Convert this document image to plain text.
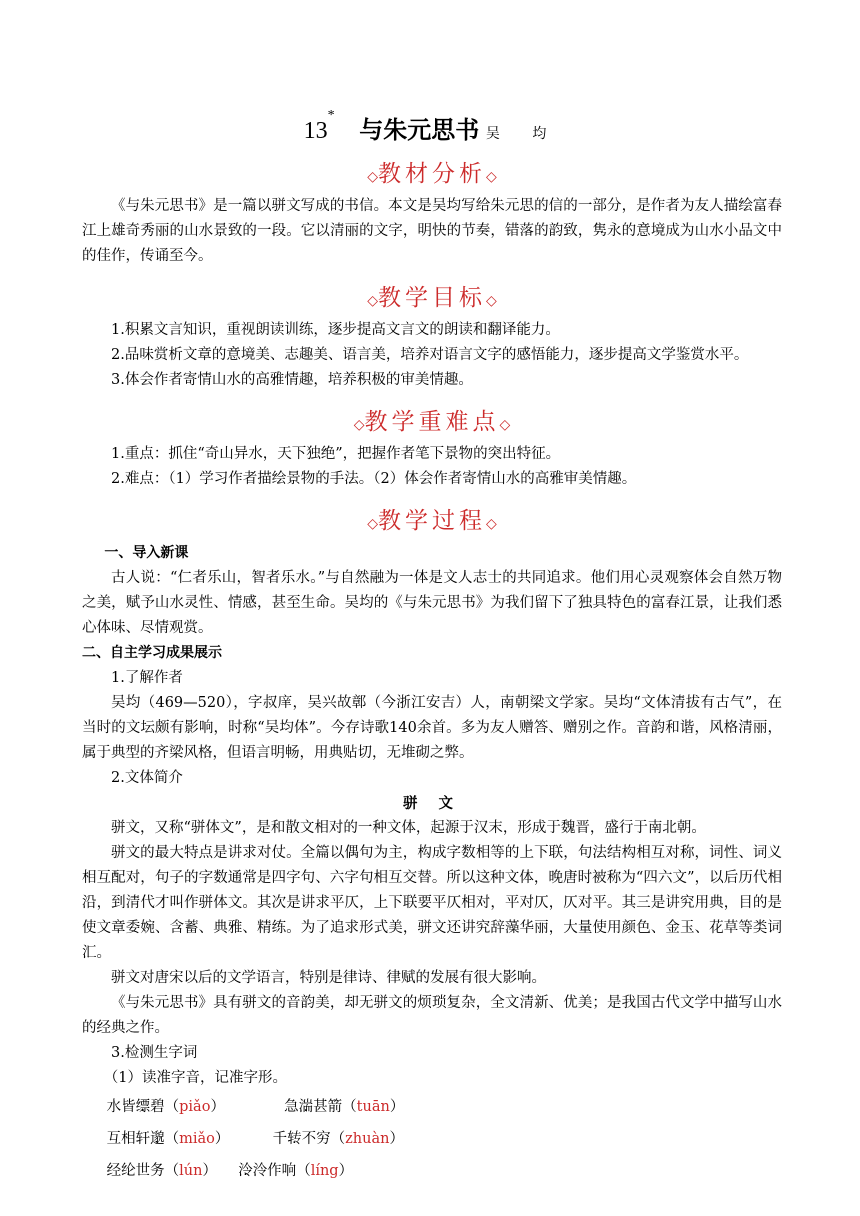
13* 与朱元思书 吴 均
◇教材分析◇

《与朱元思书》是一篇以骈文写成的书信。本文是吴均写给朱元思的信的一部分，是作者为友人描绘富春江上雄奇秀丽的山水景致的一段。它以清丽的文字，明快的节奏，错落的韵致，隽永的意境成为山水小品文中的佳作，传诵至今。

◇教学目标◇

1.积累文言知识，重视朗读训练，逐步提高文言文的朗读和翻译能力。

2.品味赏析文章的意境美、志趣美、语言美，培养对语言文字的感悟能力，逐步提高文学鉴赏水平。

3.体会作者寄情山水的高雅情趣，培养积极的审美情趣。

◇教学重难点◇

1.重点：抓住“奇山异水，天下独绝”，把握作者笔下景物的突出特征。

2.难点：（1）学习作者描绘景物的手法。（2）体会作者寄情山水的高雅审美情趣。

◇教学过程◇

一、导入新课

古人说：“仁者乐山，智者乐水。”与自然融为一体是文人志士的共同追求。他们用心灵观察体会自然万物之美，赋予山水灵性、情感，甚至生命。吴均的《与朱元思书》为我们留下了独具特色的富春江景，让我们悉心体味、尽情观赏。

二、自主学习成果展示

1.了解作者

吴均（469—520），字叔庠，吴兴故鄣（今浙江安吉）人，南朝梁文学家。吴均“文体清拔有古气”，在当时的文坛颇有影响，时称“吴均体”。今存诗歌140余首。多为友人赠答、赠别之作。音韵和谐，风格清丽，属于典型的齐梁风格，但语言明畅，用典贴切，无堆砌之弊。

2.文体简介

骈 文

骈文，又称“骈体文”，是和散文相对的一种文体，起源于汉末，形成于魏晋，盛行于南北朝。

骈文的最大特点是讲求对仗。全篇以偶句为主，构成字数相等的上下联，句法结构相互对称，词性、词义相互配对，句子的字数通常是四字句、六字句相互交替。所以这种文体，晚唐时被称为“四六文”，以后历代相沿，到清代才叫作骈体文。其次是讲求平仄，上下联要平仄相对，平对仄，仄对平。其三是讲究用典，目的是使文章委婉、含蓄、典雅、精练。为了追求形式美，骈文还讲究辞藻华丽，大量使用颜色、金玉、花草等类词汇。

骈文对唐宋以后的文学语言，特别是律诗、律赋的发展有很大影响。

《与朱元思书》具有骈文的音韵美，却无骈文的烦琐复杂，全文清新、优美；是我国古代文学中描写山水的经典之作。

3.检测生字词

（1）读准字音，记准字形。

水皆缥碧（piǎo）	急湍甚箭（tuān）
互相轩邈（miǎo）	千转不穷（zhuàn）
经纶世务（lún） 泠泠作响（líng）
